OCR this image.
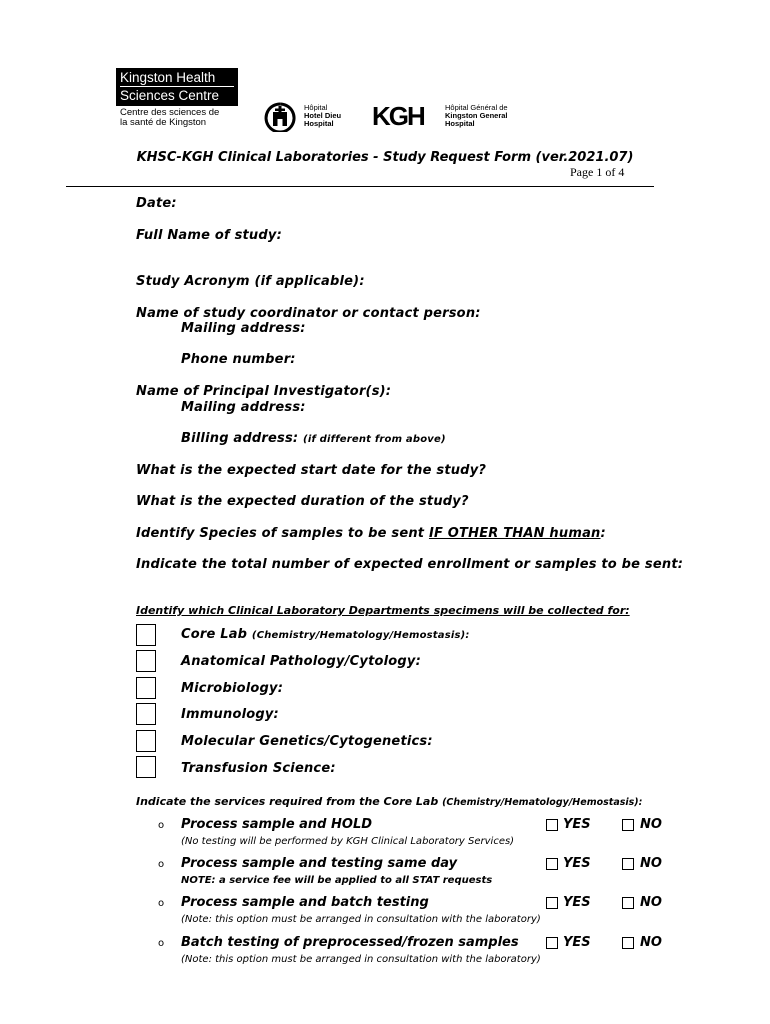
Kingston Health
Sciences Centre
Centre des sciences de
la santé de Kingston
Hôpital
Hotel Dieu
Hospital KGH	Hôpital Général de
Kingston General
Hospital
KHSC-KGH Clinical Laboratories - Study Request Form (ver.2021.07)
Page 1 of 4
Date:
Full Name of study:
Study Acronym (if applicable):
Name of study coordinator or contact person:
Mailing address:
Phone number:
Name of Principal Investigator(s):
Mailing address:
Billing address: (if different from above)
What is the expected start date for the study?
What is the expected duration of the study?
Identify Species of samples to be sent IF OTHER THAN human:
Indicate the total number of expected enrollment or samples to be sent:
Identify which Clinical Laboratory Departments specimens will be collected for:
Core Lab (Chemistry/Hematology/Hemostasis):
Anatomical Pathology/Cytology:
Microbiology:
Immunology:
Molecular Genetics/Cytogenetics:
Transfusion Science:
Indicate the services required from the Core Lab (Chemistry/Hematology/Hemostasis):
o Process sample and HOLD	YES	NO
(No testing will be performed by KGH Clinical Laboratory Services)
o Process sample and testing same day	YES	NO
NOTE: a service fee will be applied to all STAT requests
o Process sample and batch testing	YES	NO
(Note: this option must be arranged in consultation with the laboratory)
o Batch testing of preprocessed/frozen samples	YES	NO
(Note: this option must be arranged in consultation with the laboratory)
